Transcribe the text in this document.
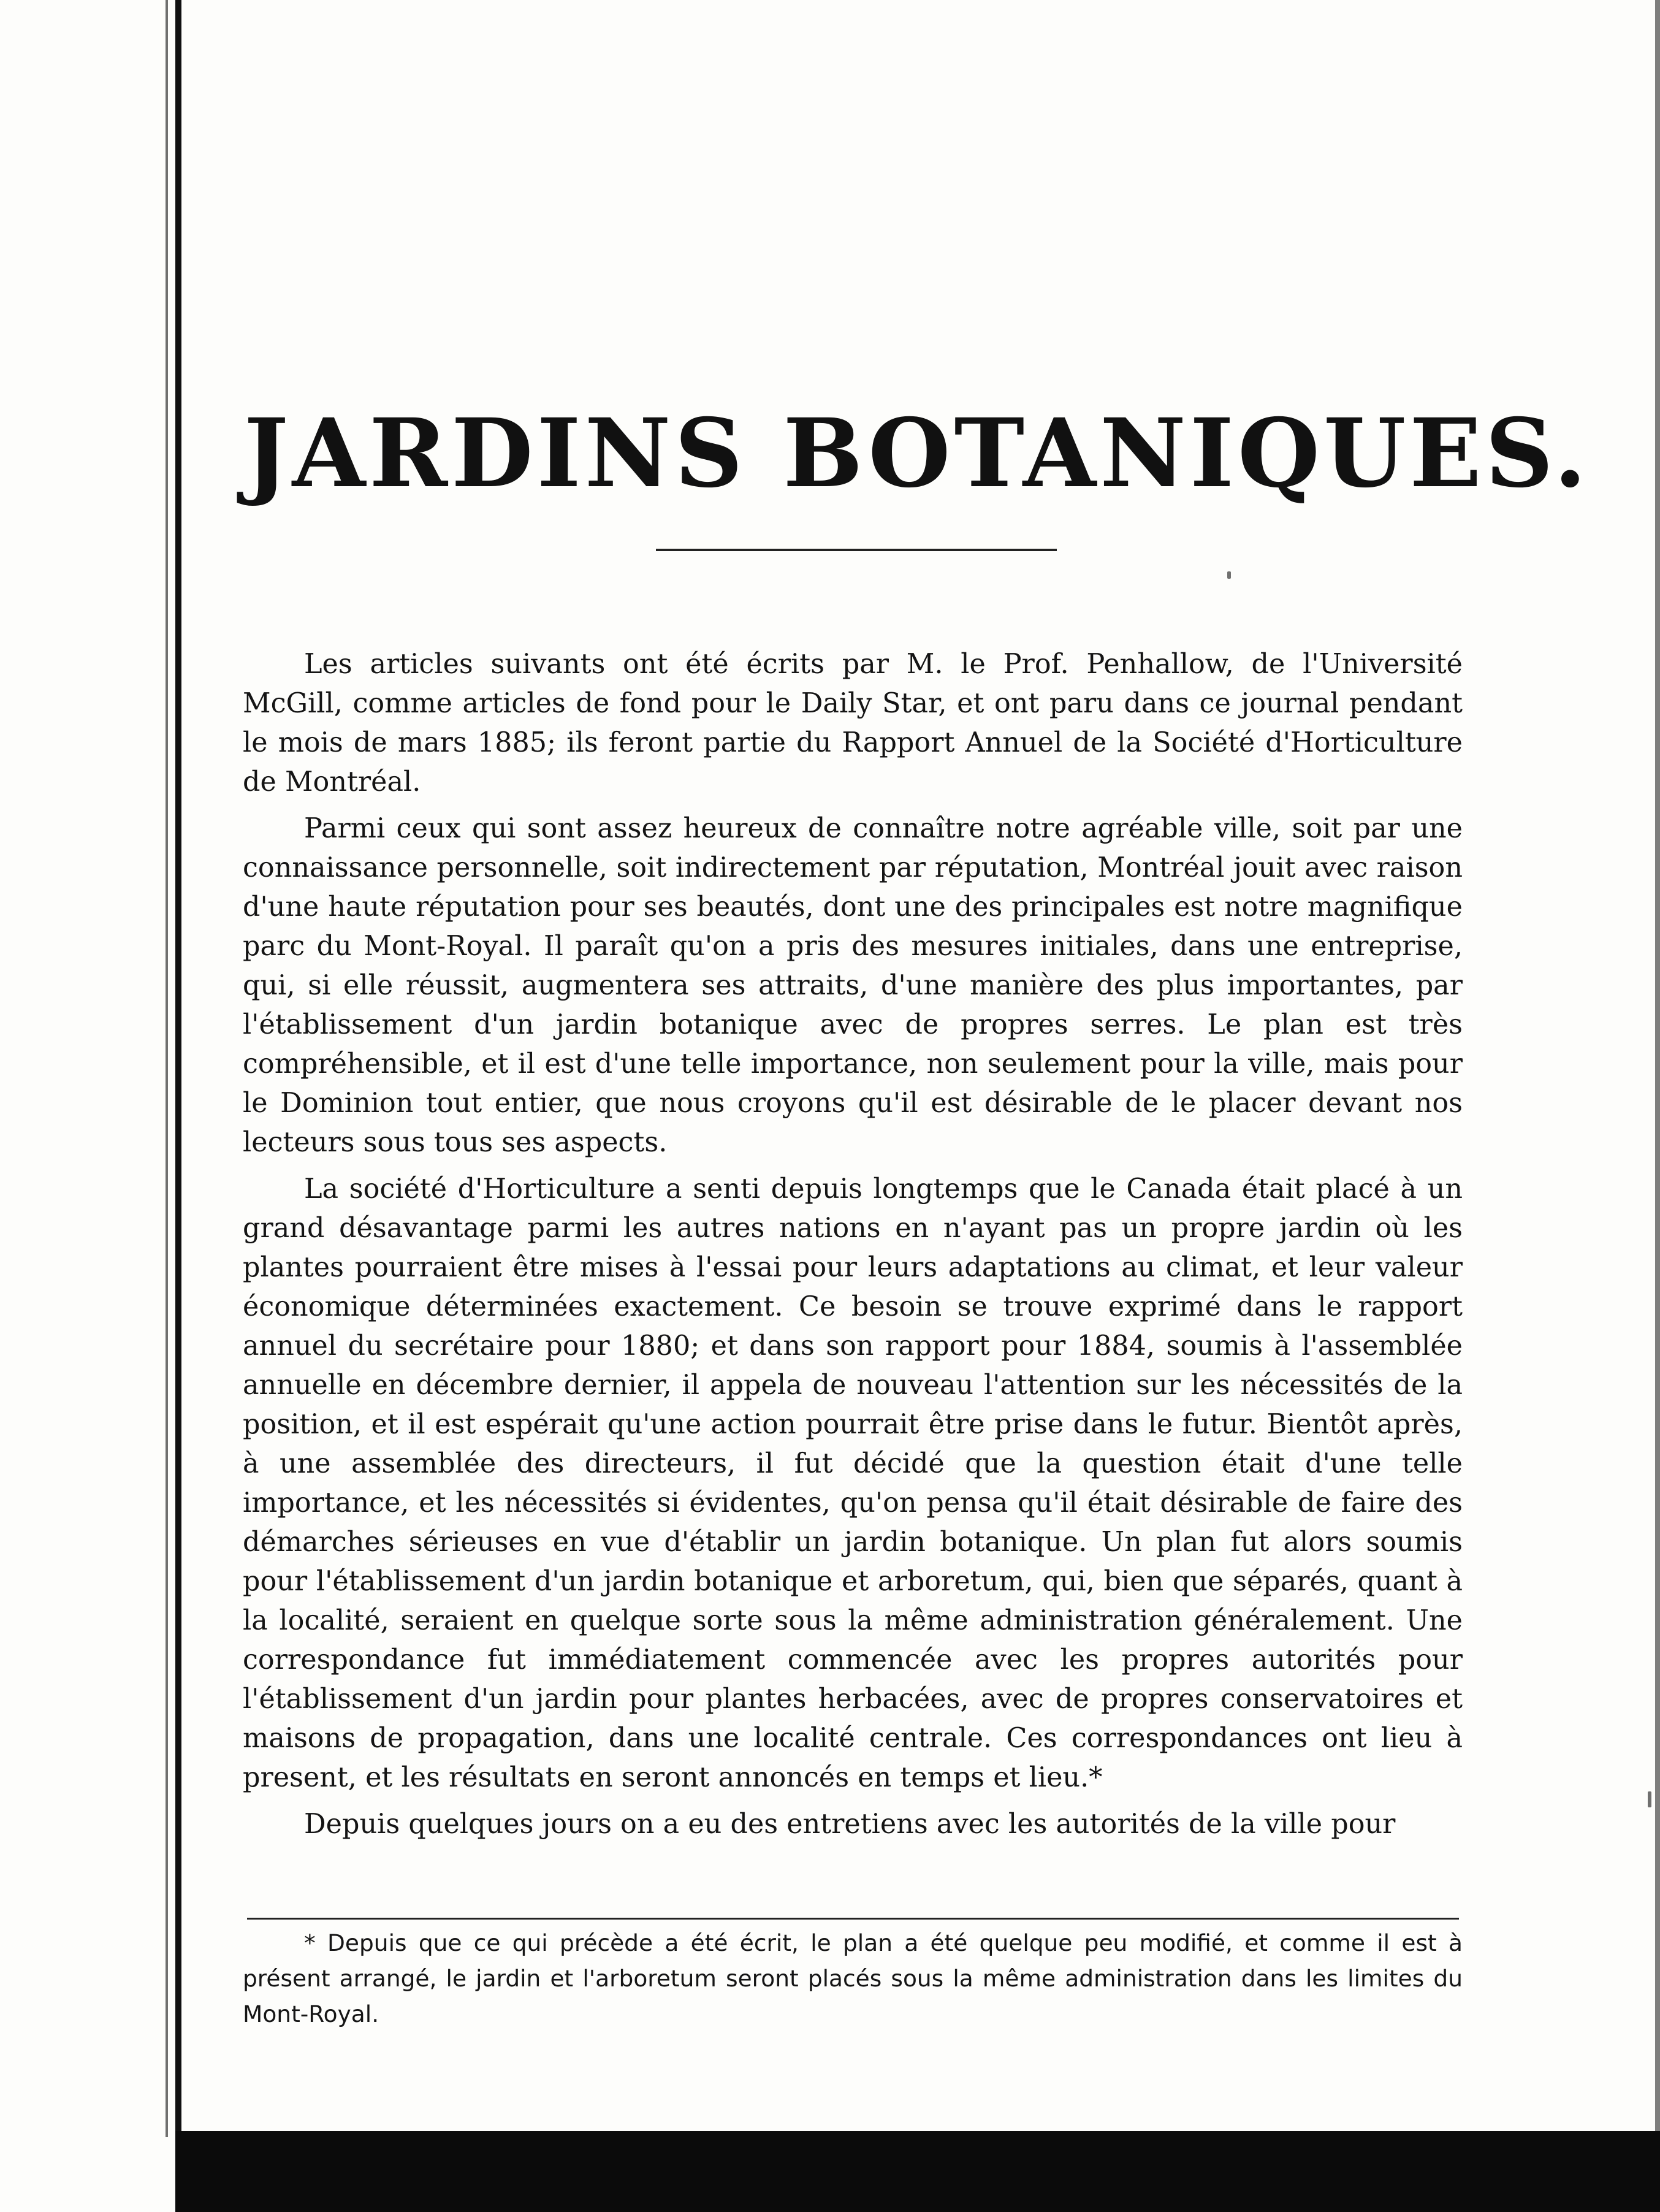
JARDINS BOTANIQUES.

Les articles suivants ont été écrits par M. le Prof. Penhallow, de l'Université McGill, comme articles de fond pour le Daily Star, et ont paru dans ce journal pendant le mois de mars 1885; ils feront partie du Rapport Annuel de la Société d'Horticulture de Montréal.

Parmi ceux qui sont assez heureux de connaître notre agréable ville, soit par une connaissance personnelle, soit indirectement par réputation, Montréal jouit avec raison d'une haute réputation pour ses beautés, dont une des principales est notre magnifique parc du Mont-Royal. Il paraît qu'on a pris des mesures initiales, dans une entreprise, qui, si elle réussit, augmentera ses attraits, d'une manière des plus importantes, par l'établissement d'un jardin botanique avec de propres serres. Le plan est très compréhensible, et il est d'une telle importance, non seulement pour la ville, mais pour le Dominion tout entier, que nous croyons qu'il est désirable de le placer devant nos lecteurs sous tous ses aspects.

La société d'Horticulture a senti depuis longtemps que le Canada était placé à un grand désavantage parmi les autres nations en n'ayant pas un propre jardin où les plantes pourraient être mises à l'essai pour leurs adaptations au climat, et leur valeur économique déterminées exactement. Ce besoin se trouve exprimé dans le rapport annuel du secrétaire pour 1880; et dans son rapport pour 1884, soumis à l'assemblée annuelle en décembre dernier, il appela de nouveau l'attention sur les nécessités de la position, et il est espérait qu'une action pourrait être prise dans le futur. Bientôt après, à une assemblée des directeurs, il fut décidé que la question était d'une telle importance, et les nécessités si évidentes, qu'on pensa qu'il était désirable de faire des démarches sérieuses en vue d'établir un jardin botanique. Un plan fut alors soumis pour l'établissement d'un jardin botanique et arboretum, qui, bien que séparés, quant à la localité, seraient en quelque sorte sous la même administration généralement. Une correspondance fut immédiatement commencée avec les propres autorités pour l'établissement d'un jardin pour plantes herbacées, avec de propres conservatoires et maisons de propagation, dans une localité centrale. Ces correspondances ont lieu à present, et les résultats en seront annoncés en temps et lieu.*

Depuis quelques jours on a eu des entretiens avec les autorités de la ville pour

* Depuis que ce qui précède a été écrit, le plan a été quelque peu modifié, et comme il est à présent arrangé, le jardin et l'arboretum seront placés sous la même administration dans les limites du Mont-Royal.
